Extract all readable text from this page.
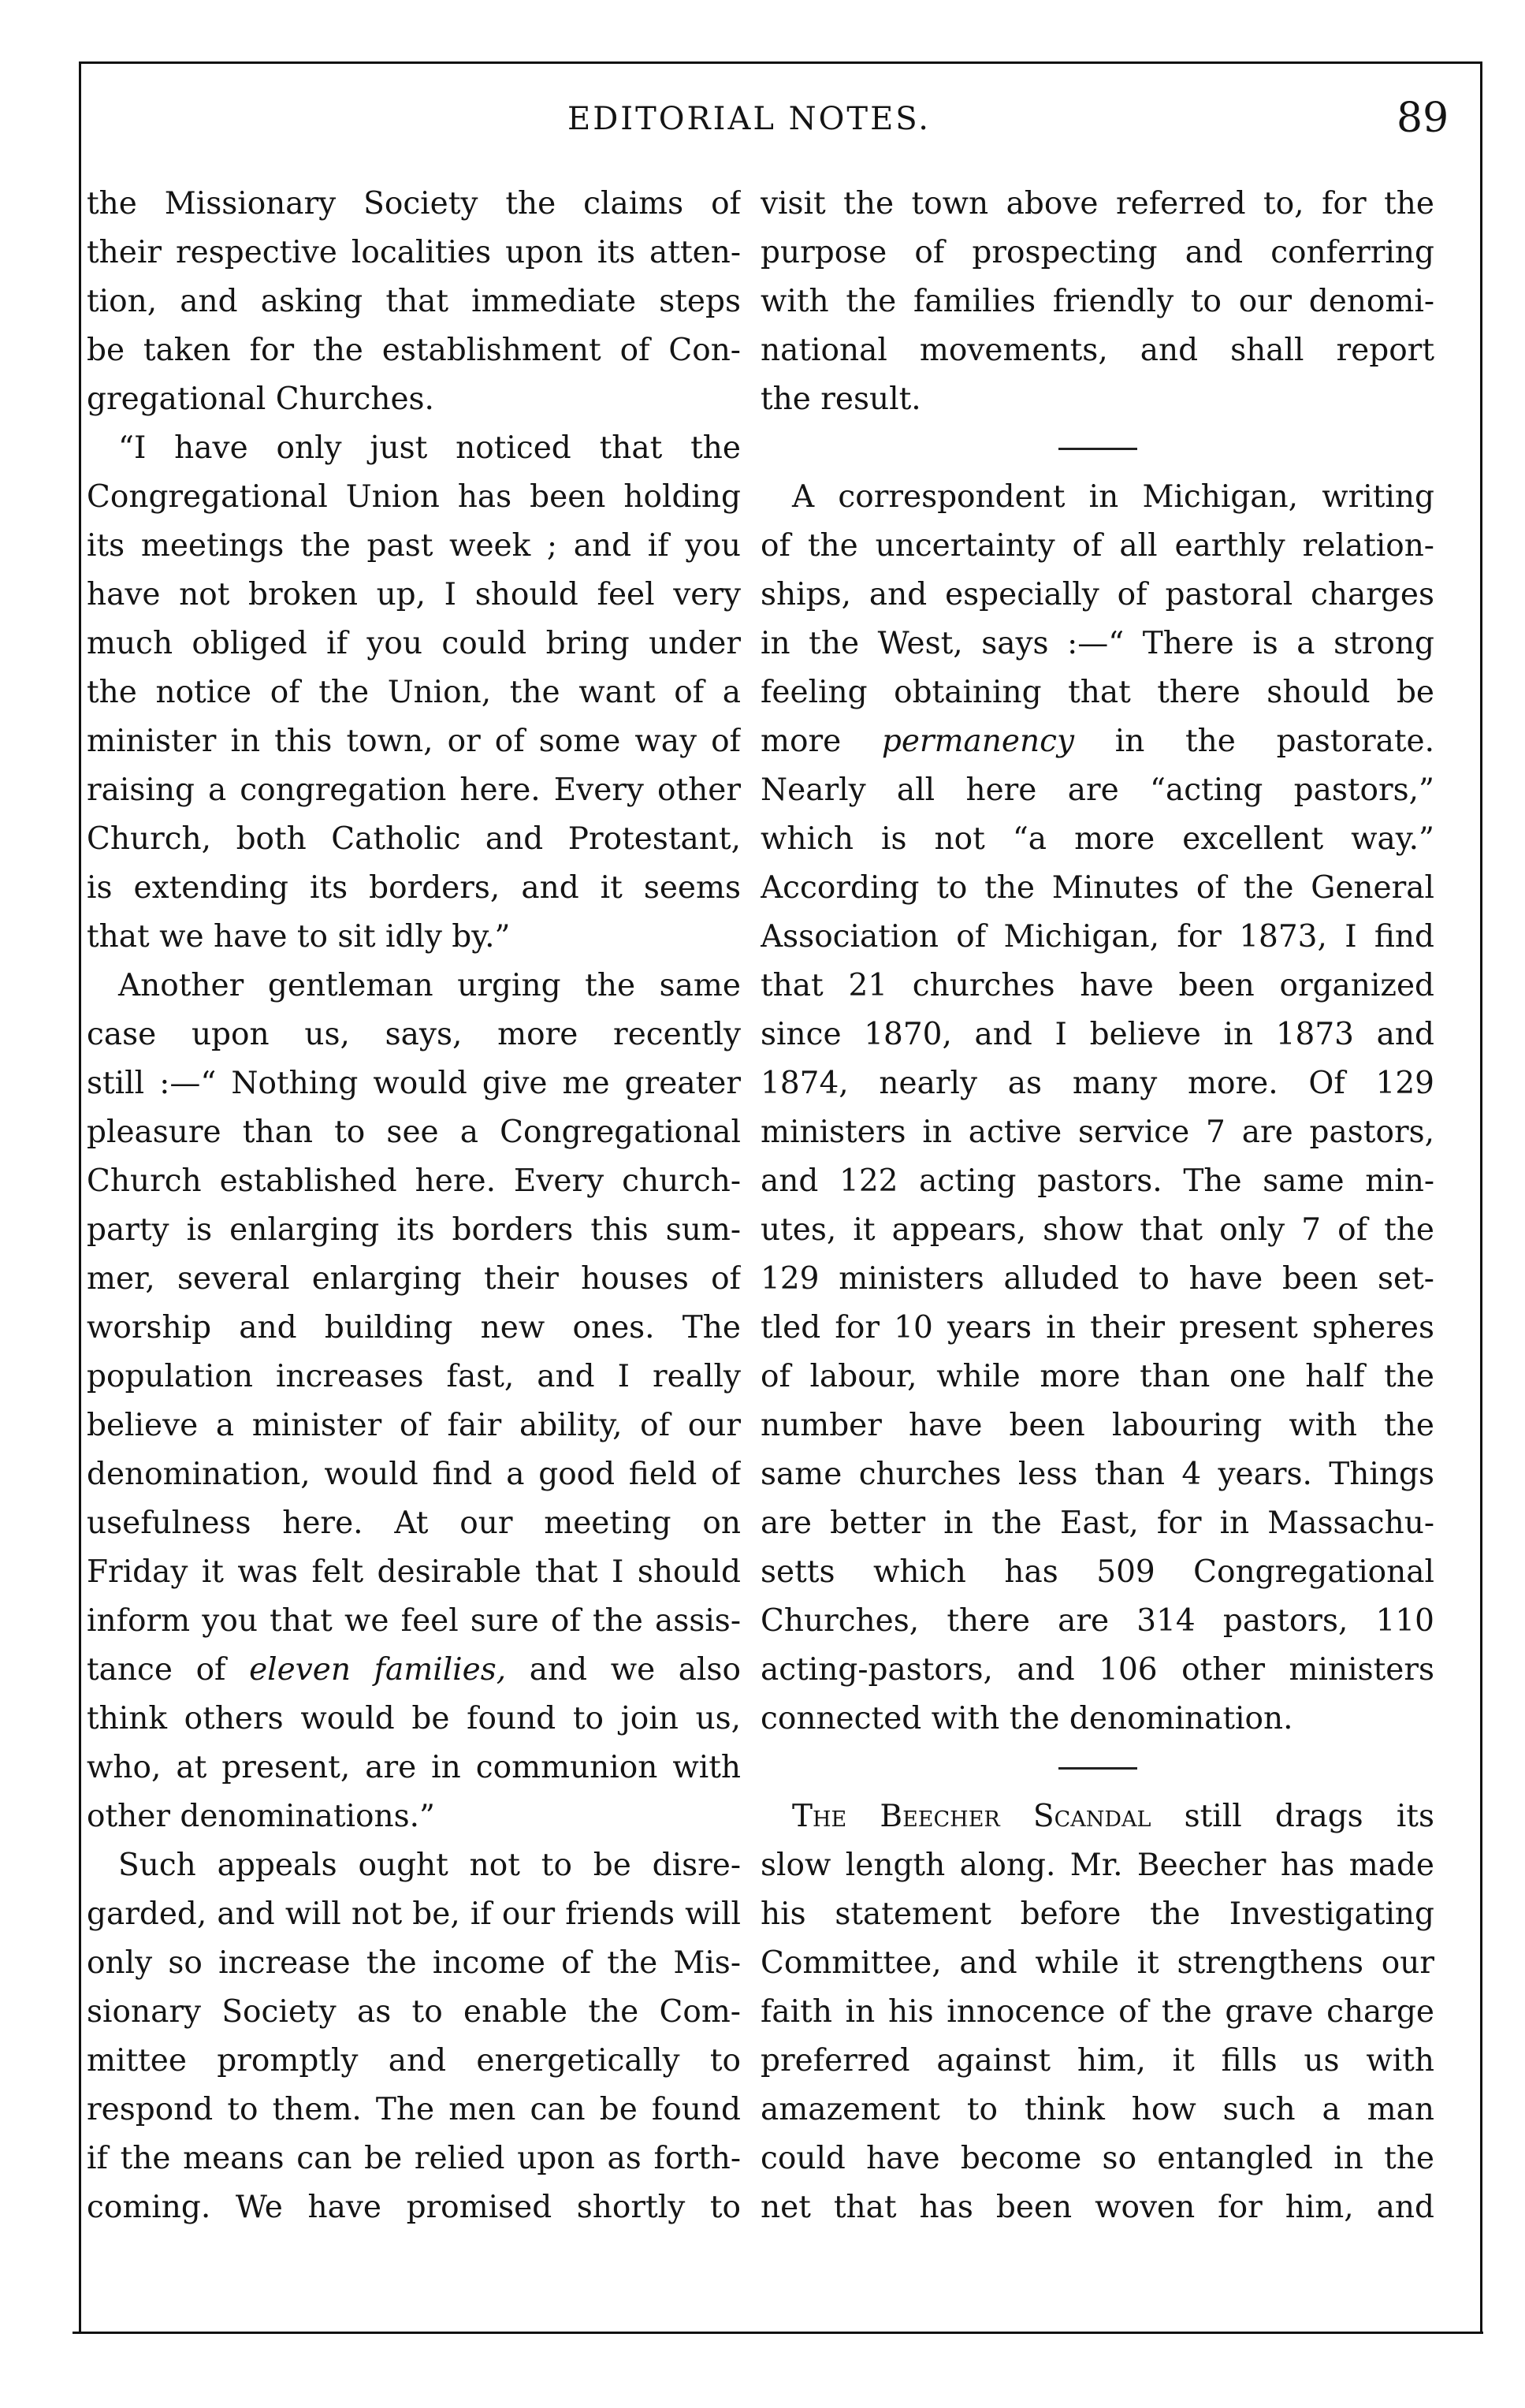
EDITORIAL NOTES.	89
the Missionary Society the claims of
their respective localities upon its atten-
tion, and asking that immediate steps
be taken for the establishment of Con-
gregational Churches.
“I have only just noticed that the
Congregational Union has been holding
its meetings the past week ; and if you
have not broken up, I should feel very
much obliged if you could bring under
the notice of the Union, the want of a
minister in this town, or of some way of
raising a congregation here. Every other
Church, both Catholic and Protestant,
is extending its borders, and it seems
that we have to sit idly by.”
Another gentleman urging the same
case upon us, says, more recently
still :—“ Nothing would give me greater
pleasure than to see a Congregational
Church established here. Every church-
party is enlarging its borders this sum-
mer, several enlarging their houses of
worship and building new ones. The
population increases fast, and I really
believe a minister of fair ability, of our
denomination, would find a good field of
usefulness here. At our meeting on
Friday it was felt desirable that I should
inform you that we feel sure of the assis-
tance of eleven families, and we also
think others would be found to join us,
who, at present, are in communion with
other denominations.”
Such appeals ought not to be disre-
garded, and will not be, if our friends will
only so increase the income of the Mis-
sionary Society as to enable the Com-
mittee promptly and energetically to
respond to them. The men can be found
if the means can be relied upon as forth-
coming. We have promised shortly to
visit the town above referred to, for the
purpose of prospecting and conferring
with the families friendly to our denomi-
national movements, and shall report
the result.
A correspondent in Michigan, writing
of the uncertainty of all earthly relation-
ships, and especially of pastoral charges
in the West, says :—“ There is a strong
feeling obtaining that there should be
more permanency in the pastorate.
Nearly all here are “acting pastors,”
which is not “a more excellent way.”
According to the Minutes of the General
Association of Michigan, for 1873, I find
that 21 churches have been organized
since 1870, and I believe in 1873 and
1874, nearly as many more. Of 129
ministers in active service 7 are pastors,
and 122 acting pastors. The same min-
utes, it appears, show that only 7 of the
129 ministers alluded to have been set-
tled for 10 years in their present spheres
of labour, while more than one half the
number have been labouring with the
same churches less than 4 years. Things
are better in the East, for in Massachu-
setts which has 509 Congregational
Churches, there are 314 pastors, 110
acting-pastors, and 106 other ministers
connected with the denomination.
The Beecher Scandal still drags its
slow length along. Mr. Beecher has made
his statement before the Investigating
Committee, and while it strengthens our
faith in his innocence of the grave charge
preferred against him, it fills us with
amazement to think how such a man
could have become so entangled in the
net that has been woven for him, and
